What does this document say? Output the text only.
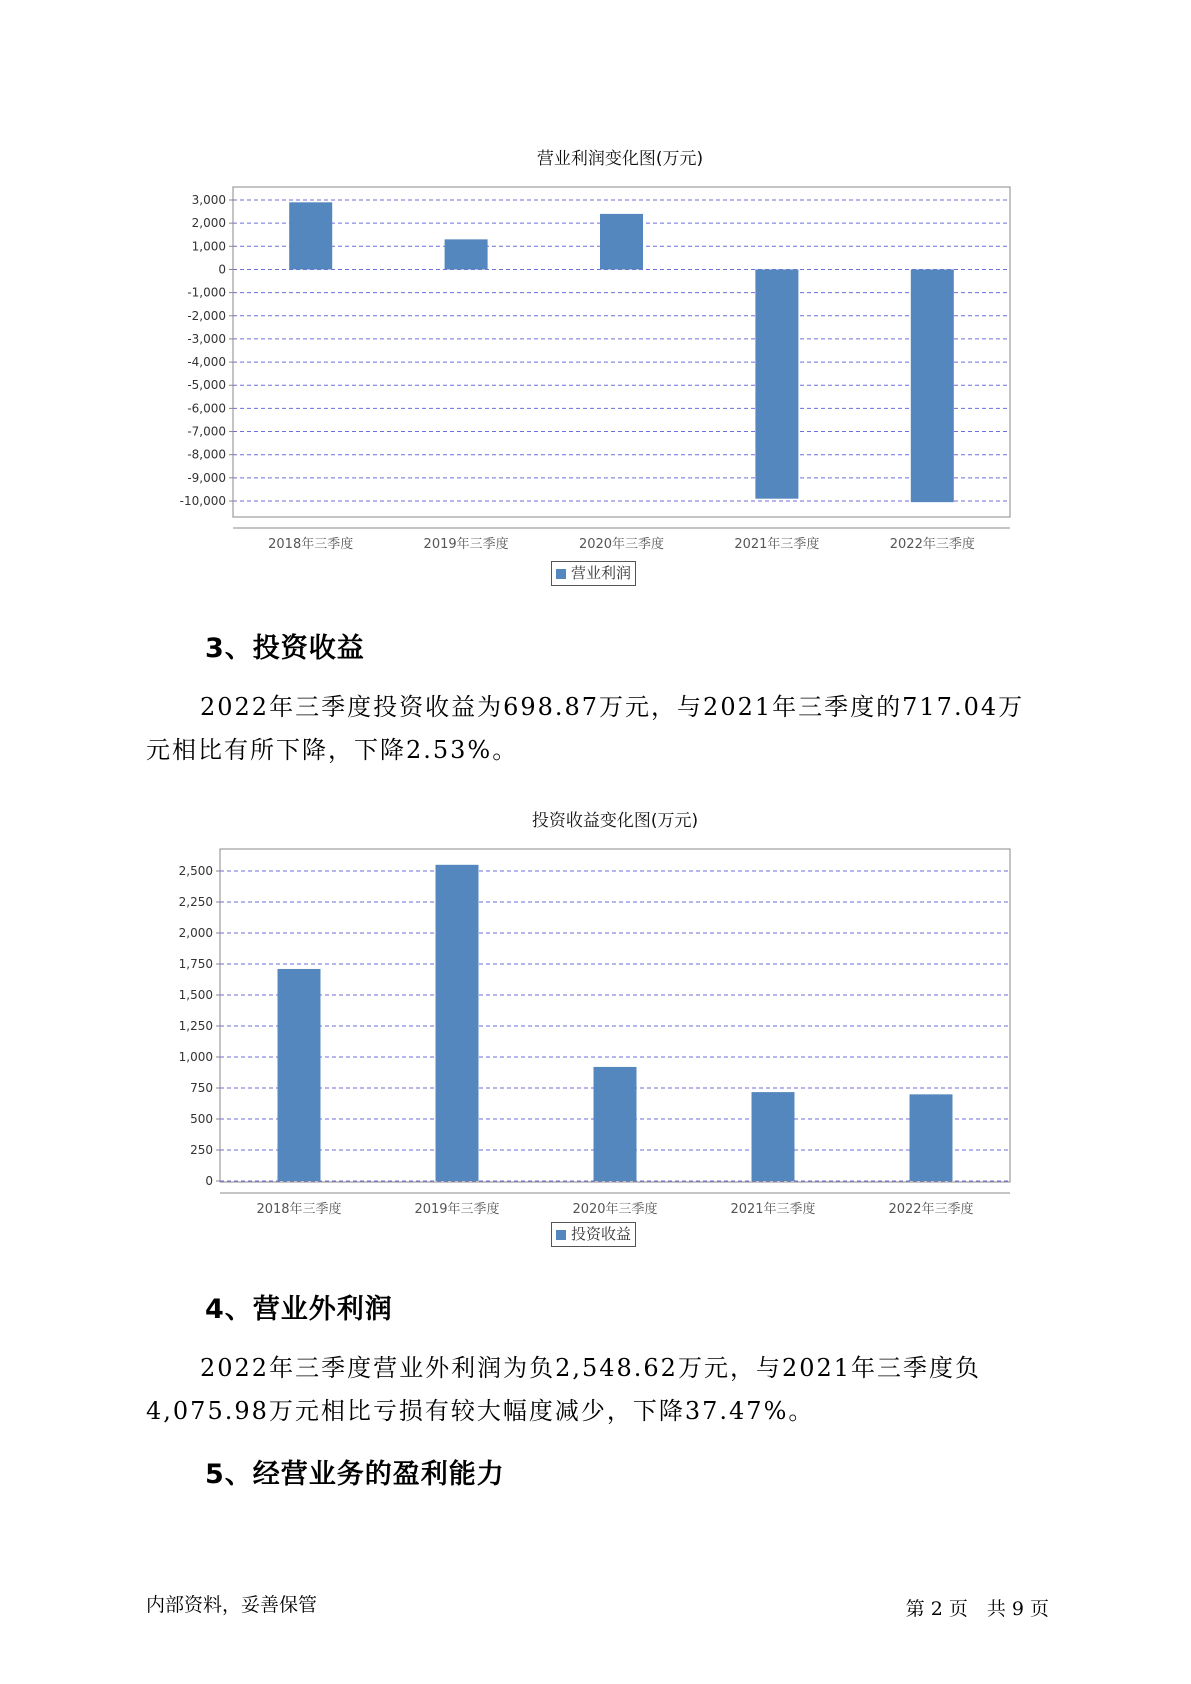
营业利润变化图(万元)
3,000
2,000
1,000
0
-1,000
-2,000
-3,000
-4,000
-5,000
-6,000
-7,000
-8,000
-9,000
-10,000
2018年三季度	2019年三季度	2020年三季度	2021年三季度	2022年三季度
营业利润
3、投资收益
2022年三季度投资收益为698.87万元，与2021年三季度的717.04万元相比有所下降，下降2.53%。
投资收益变化图(万元)
2,500
2,250
2,000
1,750
1,500
1,250
1,000
750
500
250
0
2018年三季度	2019年三季度	2020年三季度	2021年三季度	2022年三季度
投资收益
4、营业外利润
2022年三季度营业外利润为负2,548.62万元，与2021年三季度负4,075.98万元相比亏损有较大幅度减少，下降37.47%。
5、经营业务的盈利能力
内部资料，妥善保管	第 2 页　共 9 页
